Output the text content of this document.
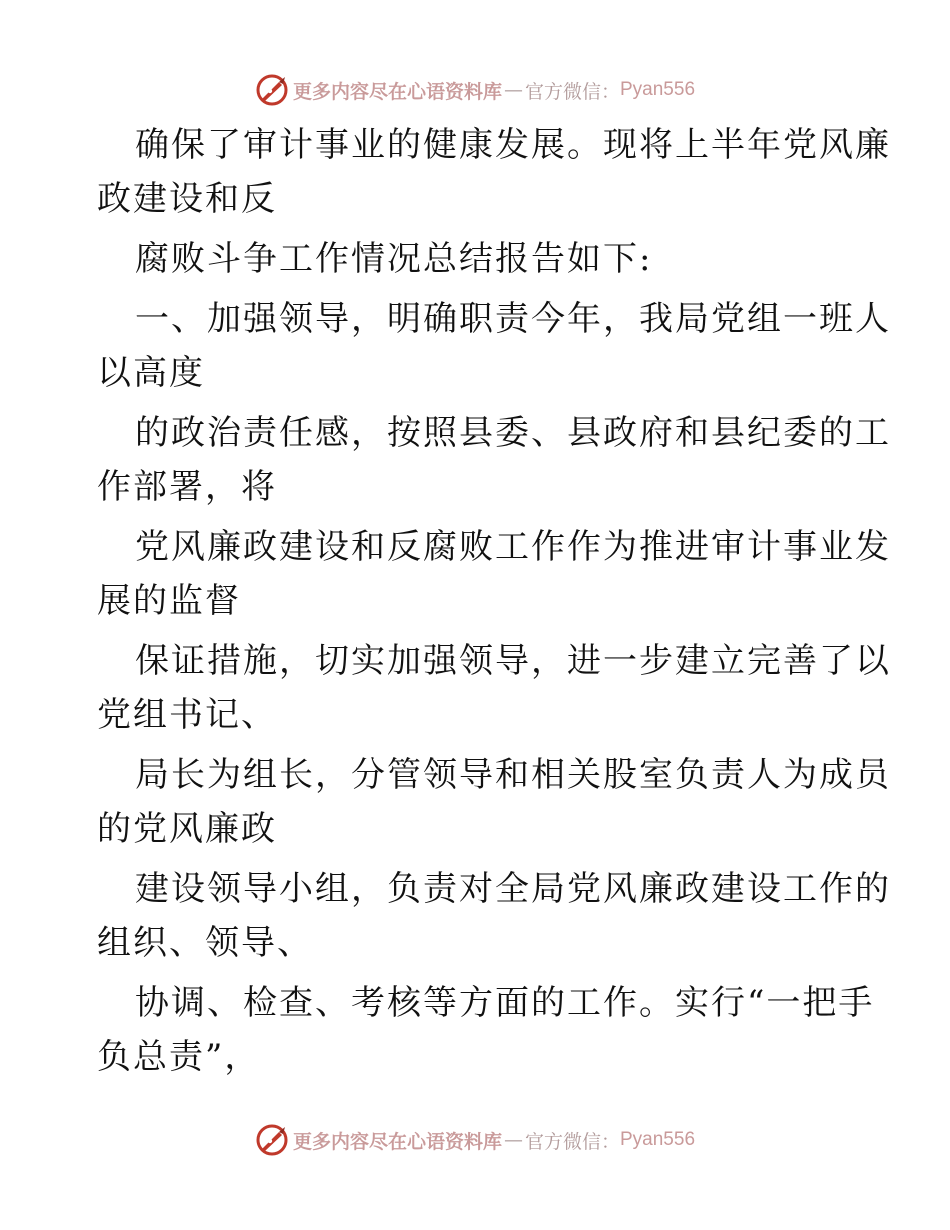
更多内容尽在心语资料库 — 官方微信： Pyan556
确保了审计事业的健康发展。现将上半年党风廉
政建设和反
腐败斗争工作情况总结报告如下:
一、加强领导，明确职责今年，我局党组一班人
以高度
的政治责任感，按照县委、县政府和县纪委的工
作部署，将
党风廉政建设和反腐败工作作为推进审计事业发
展的监督
保证措施，切实加强领导，进一步建立完善了以
党组书记、
局长为组长，分管领导和相关股室负责人为成员
的党风廉政
建设领导小组，负责对全局党风廉政建设工作的
组织、领导、
协调、检查、考核等方面的工作。实行“一把手
负总责”，
更多内容尽在心语资料库 — 官方微信： Pyan556
